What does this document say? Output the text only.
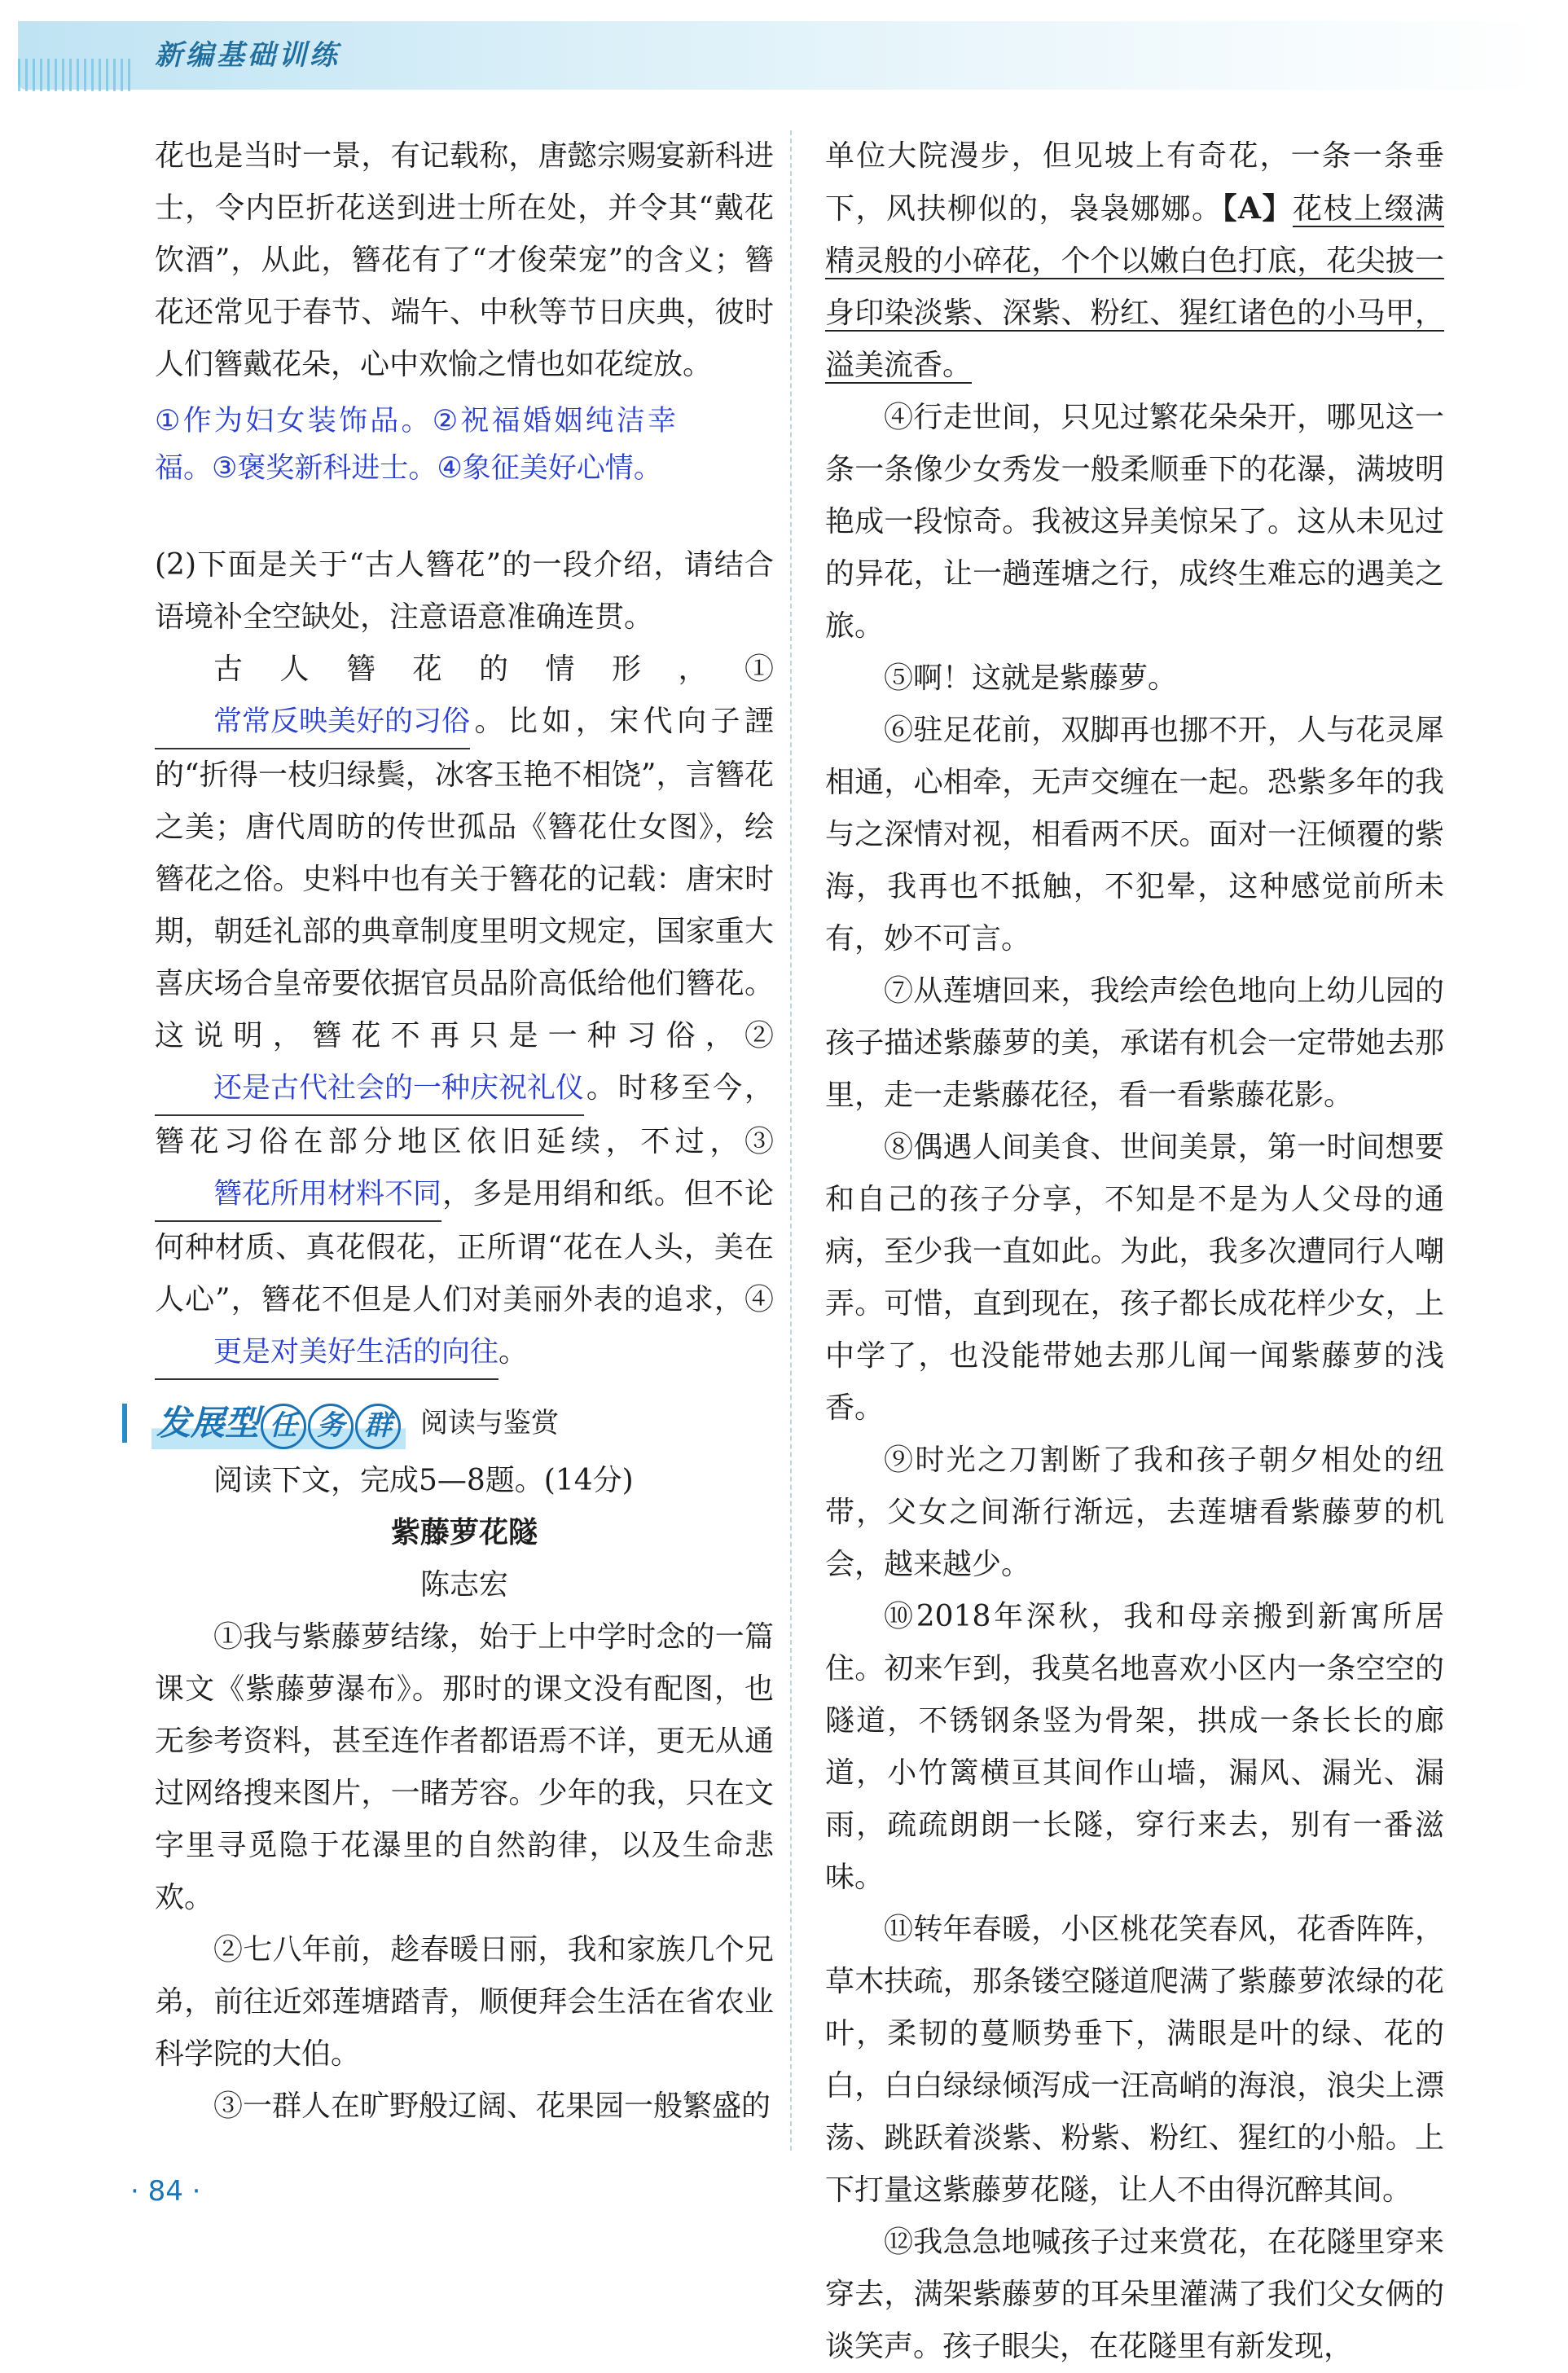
新编基础训练

花也是当时一景，有记载称，唐懿宗赐宴新科进士，令内臣折花送到进士所在处，并令其“戴花饮酒”，从此，簪花有了“才俊荣宠”的含义；簪花还常见于春节、端午、中秋等节日庆典，彼时人们簪戴花朵，心中欢愉之情也如花绽放。

①作为妇女装饰品。②祝福婚姻纯洁幸福。③褒奖新科进士。④象征美好心情。

(2)下面是关于“古人簪花”的一段介绍，请结合语境补全空缺处，注意语意准确连贯。

古人簪花的情形，①常常反映美好的习俗。比如，宋代向子諲的“折得一枝归绿鬓，冰客玉艳不相饶”，言簪花之美；唐代周昉的传世孤品《簪花仕女图》，绘簪花之俗。史料中也有关于簪花的记载：唐宋时期，朝廷礼部的典章制度里明文规定，国家重大喜庆场合皇帝要依据官员品阶高低给他们簪花。这说明，簪花不再只是一种习俗，②还是古代社会的一种庆祝礼仪。时移至今，簪花习俗在部分地区依旧延续，不过，③簪花所用材料不同，多是用绢和纸。但不论何种材质、真花假花，正所谓“花在人头，美在人心”，簪花不但是人们对美丽外表的追求，④更是对美好生活的向往。

发展型 任 务 群	阅读与鉴赏

阅读下文，完成5—8题。(14分)

紫藤萝花隧

陈志宏

①我与紫藤萝结缘，始于上中学时念的一篇课文《紫藤萝瀑布》。那时的课文没有配图，也无参考资料，甚至连作者都语焉不详，更无从通过网络搜来图片，一睹芳容。少年的我，只在文字里寻觅隐于花瀑里的自然韵律，以及生命悲欢。

②七八年前，趁春暖日丽，我和家族几个兄弟，前往近郊莲塘踏青，顺便拜会生活在省农业科学院的大伯。

③一群人在旷野般辽阔、花果园一般繁盛的

单位大院漫步，但见坡上有奇花，一条一条垂下，风扶柳似的，袅袅娜娜。【A】花枝上缀满精灵般的小碎花，个个以嫩白色打底，花尖披一身印染淡紫、深紫、粉红、猩红诸色的小马甲，溢美流香。

④行走世间，只见过繁花朵朵开，哪见这一条一条像少女秀发一般柔顺垂下的花瀑，满坡明艳成一段惊奇。我被这异美惊呆了。这从未见过的异花，让一趟莲塘之行，成终生难忘的遇美之旅。

⑤啊！这就是紫藤萝。

⑥驻足花前，双脚再也挪不开，人与花灵犀相通，心相牵，无声交缠在一起。恐紫多年的我与之深情对视，相看两不厌。面对一汪倾覆的紫海，我再也不抵触，不犯晕，这种感觉前所未有，妙不可言。

⑦从莲塘回来，我绘声绘色地向上幼儿园的孩子描述紫藤萝的美，承诺有机会一定带她去那里，走一走紫藤花径，看一看紫藤花影。

⑧偶遇人间美食、世间美景，第一时间想要和自己的孩子分享，不知是不是为人父母的通病，至少我一直如此。为此，我多次遭同行人嘲弄。可惜，直到现在，孩子都长成花样少女，上中学了，也没能带她去那儿闻一闻紫藤萝的浅香。

⑨时光之刀割断了我和孩子朝夕相处的纽带，父女之间渐行渐远，去莲塘看紫藤萝的机会，越来越少。

⑩2018年深秋，我和母亲搬到新寓所居住。初来乍到，我莫名地喜欢小区内一条空空的隧道，不锈钢条竖为骨架，拱成一条长长的廊道，小竹篱横亘其间作山墙，漏风、漏光、漏雨，疏疏朗朗一长隧，穿行来去，别有一番滋味。

⑪转年春暖，小区桃花笑春风，花香阵阵，草木扶疏，那条镂空隧道爬满了紫藤萝浓绿的花叶，柔韧的蔓顺势垂下，满眼是叶的绿、花的白，白白绿绿倾泻成一汪高峭的海浪，浪尖上漂荡、跳跃着淡紫、粉紫、粉红、猩红的小船。上下打量这紫藤萝花隧，让人不由得沉醉其间。

⑫我急急地喊孩子过来赏花，在花隧里穿来穿去，满架紫藤萝的耳朵里灌满了我们父女俩的谈笑声。孩子眼尖，在花隧里有新发现，

· 84 ·
